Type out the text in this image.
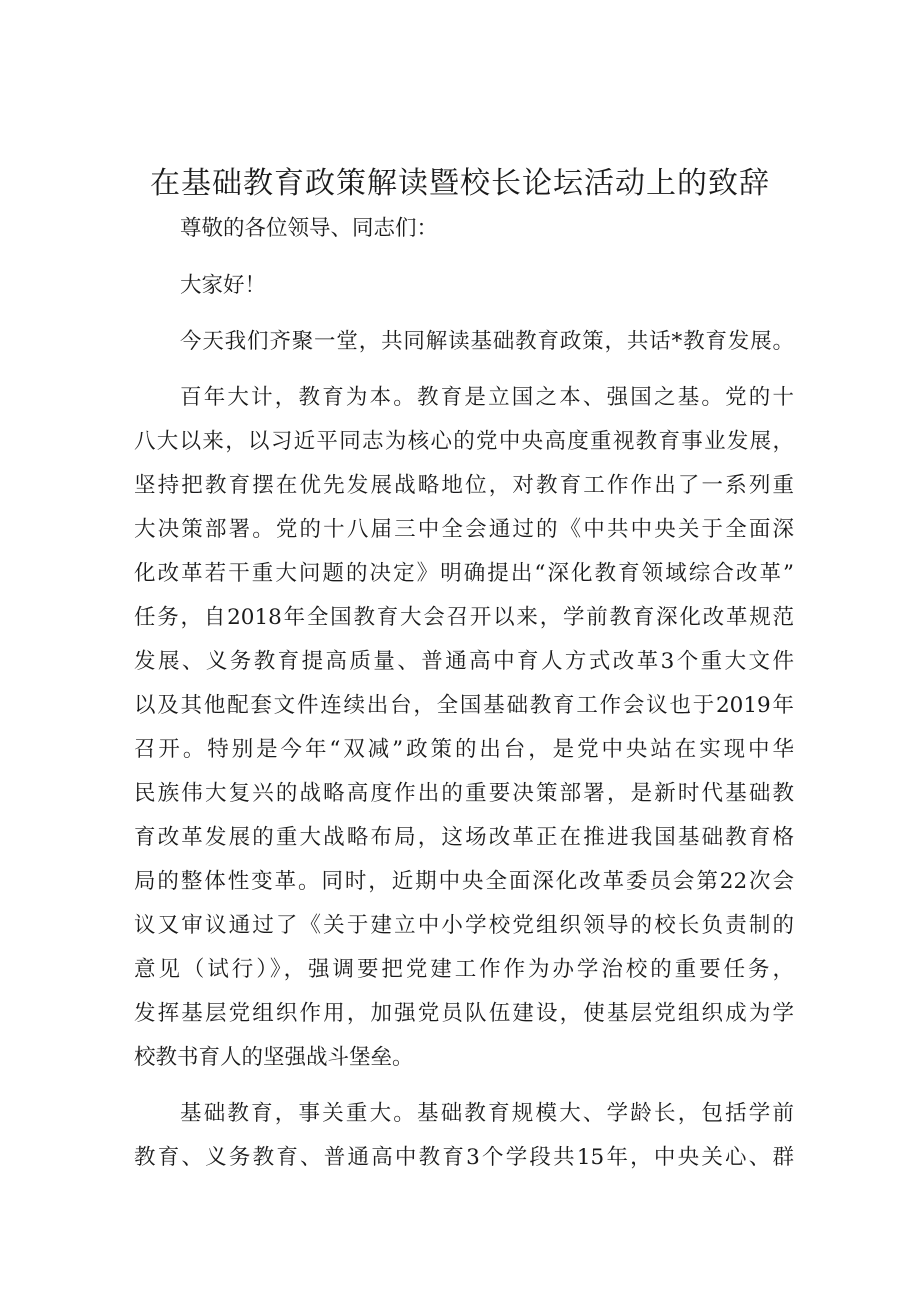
在基础教育政策解读暨校长论坛活动上的致辞
尊敬的各位领导、同志们：
大家好！
今天我们齐聚一堂，共同解读基础教育政策，共话*教育发展。
百年大计，教育为本。教育是立国之本、强国之基。党的十
八大以来，以习近平同志为核心的党中央高度重视教育事业发展，
坚持把教育摆在优先发展战略地位，对教育工作作出了一系列重
大决策部署。党的十八届三中全会通过的《中共中央关于全面深
化改革若干重大问题的决定》明确提出“深化教育领域综合改革”
任务，自2018年全国教育大会召开以来，学前教育深化改革规范
发展、义务教育提高质量、普通高中育人方式改革3个重大文件
以及其他配套文件连续出台，全国基础教育工作会议也于2019年
召开。特别是今年“双减”政策的出台，是党中央站在实现中华
民族伟大复兴的战略高度作出的重要决策部署，是新时代基础教
育改革发展的重大战略布局，这场改革正在推进我国基础教育格
局的整体性变革。同时，近期中央全面深化改革委员会第22次会
议又审议通过了《关于建立中小学校党组织领导的校长负责制的
意见（试行）》，强调要把党建工作作为办学治校的重要任务，
发挥基层党组织作用，加强党员队伍建设，使基层党组织成为学
校教书育人的坚强战斗堡垒。
基础教育，事关重大。基础教育规模大、学龄长，包括学前
教育、义务教育、普通高中教育3个学段共15年，中央关心、群
